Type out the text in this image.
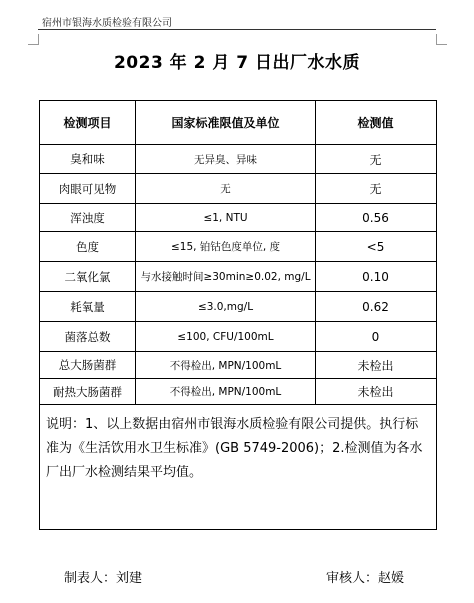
宿州市银海水质检验有限公司
2023 年 2 月 7 日出厂水水质
检测项目	国家标准限值及单位	检测值
臭和味	无异臭、异味	无
肉眼可见物	无	无
浑浊度	≤1, NTU	0.56
色度	≤15, 铂钴色度单位, 度	<5
二氧化氯	与水接触时间≥30min≥0.02, mg/L	0.10
耗氧量	≤3.0,mg/L	0.62
菌落总数	≤100, CFU/100mL	0
总大肠菌群	不得检出, MPN/100mL	未检出
耐热大肠菌群	不得检出, MPN/100mL	未检出
说明：1、以上数据由宿州市银海水质检验有限公司提供。执行标准为《生活饮用水卫生标准》(GB 5749-2006)；2.检测值为各水厂出厂水检测结果平均值。
制表人：刘建	审核人：赵媛
